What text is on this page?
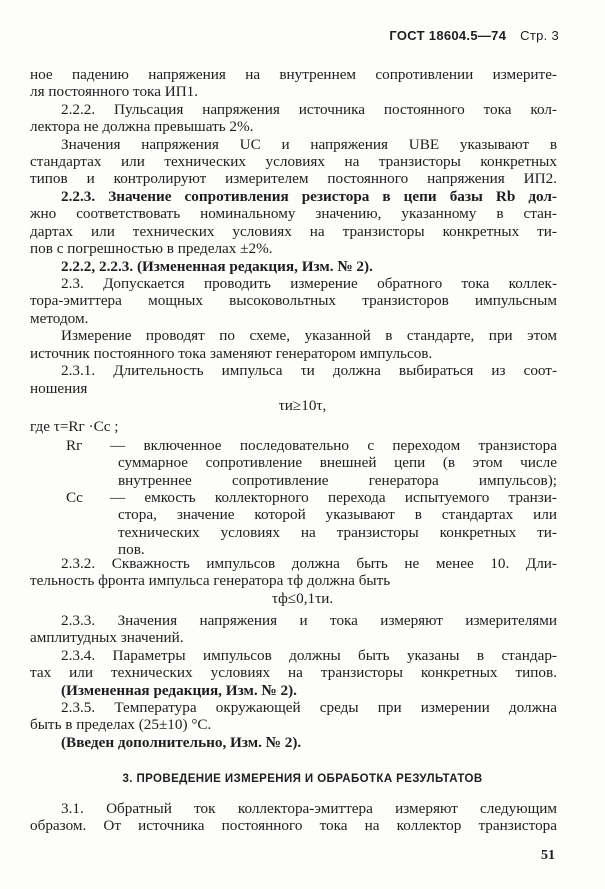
ГОСТ 18604.5—74 Стр. 3
ное падению напряжения на внутреннем сопротивлении измерите-
ля постоянного тока ИП1.
2.2.2. Пульсация напряжения источника постоянного тока кол-
лектора не должна превышать 2%.
Значения напряжения UC и напряжения UBE указывают в
стандартах или технических условиях на транзисторы конкретных
типов и контролируют измерителем постоянного напряжения ИП2.
2.2.3. Значение сопротивления резистора в цепи базы Rb дол-
жно соответствовать номинальному значению, указанному в стан-
дартах или технических условиях на транзисторы конкретных ти-
пов с погрешностью в пределах ±2%.
2.2.2, 2.2.3. (Измененная редакция, Изм. № 2).
2.3. Допускается проводить измерение обратного тока коллек-
тора-эмиттера мощных высоковольтных транзисторов импульсным
методом.
Измерение проводят по схеме, указанной в стандарте, при этом
источник постоянного тока заменяют генератором импульсов.
2.3.1. Длительность импульса τи должна выбираться из соот-
ношения
τи≥10τ,
где τ=Rг ·Cc ;
Rг — включенное последовательно с переходом транзистора
суммарное сопротивление внешней цепи (в этом числе
внутреннее сопротивление генератора импульсов);
Cc — емкость коллекторного перехода испытуемого транзи-
стора, значение которой указывают в стандартах или
технических условиях на транзисторы конкретных ти-
пов.
2.3.2. Скважность импульсов должна быть не менее 10. Дли-
тельность фронта импульса генератора τф должна быть
τф≤0,1τи.
2.3.3. Значения напряжения и тока измеряют измерителями
амплитудных значений.
2.3.4. Параметры импульсов должны быть указаны в стандар-
тах или технических условиях на транзисторы конкретных типов.
(Измененная редакция, Изм. № 2).
2.3.5. Температура окружающей среды при измерении должна
быть в пределах (25±10) °С.
(Введен дополнительно, Изм. № 2).
3. ПРОВЕДЕНИЕ ИЗМЕРЕНИЯ И ОБРАБОТКА РЕЗУЛЬТАТОВ
3.1. Обратный ток коллектора-эмиттера измеряют следующим
образом. От источника постоянного тока на коллектор транзистора
51
